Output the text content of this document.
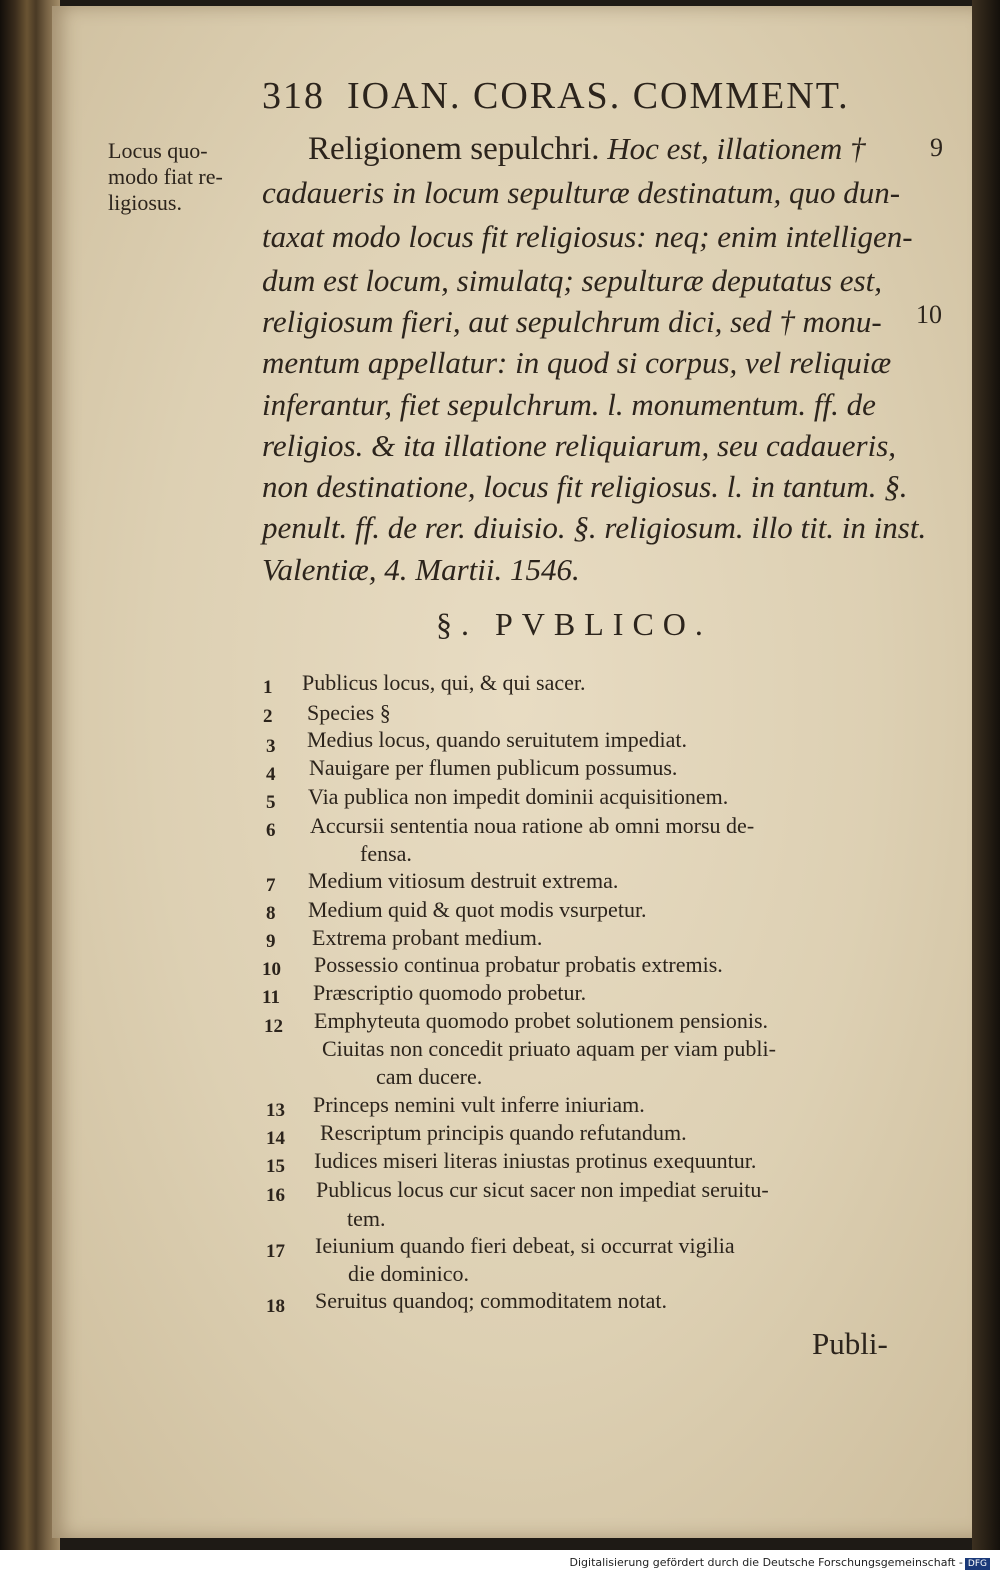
318 IOAN. CORAS. COMMENT.
Locus quo-
modo fiat re-
ligiosus.
9
10
Religionem sepulchri. Hoc est, illationem †
cadaueris in locum sepulturæ destinatum, quo dun-
taxat modo locus fit religiosus: neq; enim intelligen-
dum est locum, simulatq; sepulturæ deputatus est,
religiosum fieri, aut sepulchrum dici, sed † monu-
mentum appellatur: in quod si corpus, vel reliquiæ
inferantur, fiet sepulchrum. l. monumentum. ff. de
religios. & ita illatione reliquiarum, seu cadaueris,
non destinatione, locus fit religiosus. l. in tantum. §.
penult. ff. de rer. diuisio. §. religiosum. illo tit. in inst.
Valentiæ, 4. Martii. 1546.
§. PVBLICO.
1 Publicus locus, qui, & qui sacer.
2 Species §
3 Medius locus, quando seruitutem impediat.
4 Nauigare per flumen publicum possumus.
5 Via publica non impedit dominii acquisitionem.
6 Accursii sententia noua ratione ab omni morsu de-
fensa.
7 Medium vitiosum destruit extrema.
8 Medium quid & quot modis vsurpetur.
9 Extrema probant medium.
10 Possessio continua probatur probatis extremis.
11 Præscriptio quomodo probetur.
12 Emphyteuta quomodo probet solutionem pensionis.
Ciuitas non concedit priuato aquam per viam publi-
cam ducere.
13 Princeps nemini vult inferre iniuriam.
14 Rescriptum principis quando refutandum.
15 Iudices miseri literas iniustas protinus exequuntur.
16 Publicus locus cur sicut sacer non impediat seruitu-
tem.
17 Ieiunium quando fieri debeat, si occurrat vigilia
die dominico.
18 Seruitus quandoq; commoditatem notat.
Publi-
Digitalisierung gefördert durch die Deutsche Forschungsgemeinschaft - DFG
